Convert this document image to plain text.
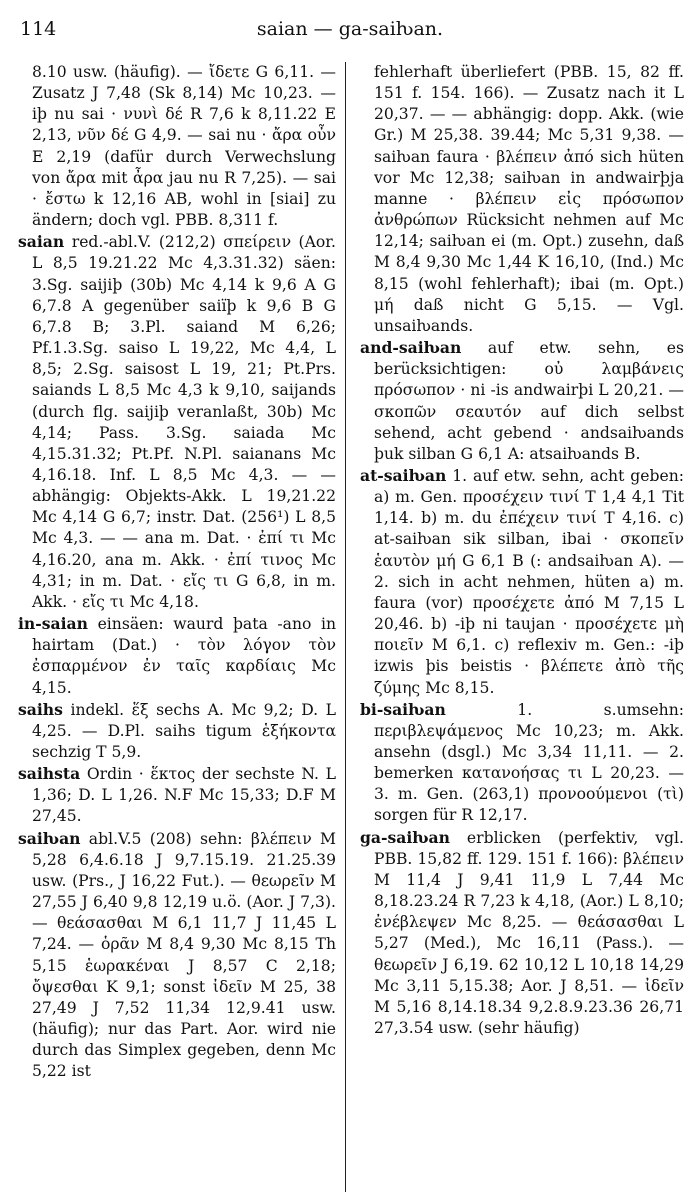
114	saian — ga-saiƕan.

8.10 usw. (häufig). — ἴδετε G 6,11. — Zusatz J 7,48 (Sk 8,14) Mc 10,23. — iþ nu sai · νυνὶ δέ R 7,6 k 8,11.22 E 2,13, νῦν δέ G 4,9. — sai nu · ἄρα οὖν E 2,19 (dafür durch Verwechslung von ἄρα mit ἆρα jau nu R 7,25). — sai · ἔστω k 12,16 AB, wohl in [siai] zu ändern; doch vgl. PBB. 8,311 f.

saian red.-abl.V. (212,2) σπείρειν (Aor. L 8,5 19.21.22 Mc 4,3.31.32) säen: 3.Sg. saijiþ (30b) Mc 4,14 k 9,6 A G 6,7.8 A gegenüber saiïþ k 9,6 B G 6,7.8 B; 3.Pl. saiand M 6,26; Pf.1.3.Sg. saiso L 19,22, Mc 4,4, L 8,5; 2.Sg. saisost L 19, 21; Pt.Prs. saiands L 8,5 Mc 4,3 k 9,10, saijands (durch flg. saijiþ veranlaßt, 30b) Mc 4,14; Pass. 3.Sg. saiada Mc 4,15.31.32; Pt.Pf. N.Pl. saianans Mc 4,16.18. Inf. L 8,5 Mc 4,3. — — abhängig: Objekts-Akk. L 19,21.22 Mc 4,14 G 6,7; instr. Dat. (256¹) L 8,5 Mc 4,3. — — ana m. Dat. · ἐπί τι Mc 4,16.20, ana m. Akk. · ἐπί τινος Mc 4,31; in m. Dat. · εἴς τι G 6,8, in m. Akk. · εἴς τι Mc 4,18.

in-saian einsäen: waurd þata -ano in hairtam (Dat.) · τὸν λόγον τὸν ἐσπαρμένον ἐν ταῖς καρδίαις Mc 4,15.

saihs indekl. ἕξ sechs A. Mc 9,2; D. L 4,25. — D.Pl. saihs tigum ἑξήκοντα sechzig T 5,9.

saihsta Ordin · ἕκτος der sechste N. L 1,36; D. L 1,26. N.F Mc 15,33; D.F M 27,45.

saiƕan abl.V.5 (208) sehn: βλέπειν M 5,28 6,4.6.18 J 9,7.15.19. 21.25.39 usw. (Prs., J 16,22 Fut.). — θεωρεῖν M 27,55 J 6,40 9,8 12,19 u.ö. (Aor. J 7,3). — θεάσασθαι M 6,1 11,7 J 11,45 L 7,24. — ὁρᾶν M 8,4 9,30 Mc 8,15 Th 5,15 ἑωρακέναι J 8,57 C 2,18; ὄψεσθαι K 9,1; sonst ἰδεῖν M 25, 38 27,49 J 7,52 11,34 12,9.41 usw. (häufig); nur das Part. Aor. wird nie durch das Simplex gegeben, denn Mc 5,22 ist

fehlerhaft überliefert (PBB. 15, 82 ff. 151 f. 154. 166). — Zusatz nach it L 20,37. — — abhängig: dopp. Akk. (wie Gr.) M 25,38. 39.44; Mc 5,31 9,38. — saiƕan faura · βλέπειν ἀπό sich hüten vor Mc 12,38; saiƕan in andwairþja manne · βλέπειν εἰς πρόσωπον ἀνθρώπων Rücksicht nehmen auf Mc 12,14; saiƕan ei (m. Opt.) zusehn, daß M 8,4 9,30 Mc 1,44 K 16,10, (Ind.) Mc 8,15 (wohl fehlerhaft); ibai (m. Opt.) μή daß nicht G 5,15. — Vgl. unsaiƕands.

and-saiƕan auf etw. sehn, es berücksichtigen: οὐ λαμβάνεις πρόσωπον · ni -is andwairþi L 20,21. — σκοπῶν σεαυτόν auf dich selbst sehend, acht gebend · andsaiƕands þuk silban G 6,1 A: atsaiƕands B.

at-saiƕan 1. auf etw. sehn, acht geben: a) m. Gen. προσέχειν τινί T 1,4 4,1 Tit 1,14. b) m. du ἐπέχειν τινί T 4,16. c) at-saiƕan sik silban, ibai · σκοπεῖν ἑαυτὸν μή G 6,1 B (: andsaiƕan A). — 2. sich in acht nehmen, hüten a) m. faura (vor) προσέχετε ἀπό M 7,15 L 20,46. b) -iþ ni taujan · προσέχετε μὴ ποιεῖν M 6,1. c) reflexiv m. Gen.: -iþ izwis þis beistis · βλέπετε ἀπὸ τῆς ζύμης Mc 8,15.

bi-saiƕan 1. s.umsehn: περιβλεψάμενος Mc 10,23; m. Akk. ansehn (dsgl.) Mc 3,34 11,11. — 2. bemerken κατανοήσας τι L 20,23. — 3. m. Gen. (263,1) προνοούμενοι (τὶ) sorgen für R 12,17.

ga-saiƕan erblicken (perfektiv, vgl. PBB. 15,82 ff. 129. 151 f. 166): βλέπειν M 11,4 J 9,41 11,9 L 7,44 Mc 8,18.23.24 R 7,23 k 4,18, (Aor.) L 8,10; ἐνέβλεψεν Mc 8,25. — θεάσασθαι L 5,27 (Med.), Mc 16,11 (Pass.). — θεωρεῖν J 6,19. 62 10,12 L 10,18 14,29 Mc 3,11 5,15.38; Aor. J 8,51. — ἰδεῖν M 5,16 8,14.18.34 9,2.8.9.23.36 26,71 27,3.54 usw. (sehr häufig)
